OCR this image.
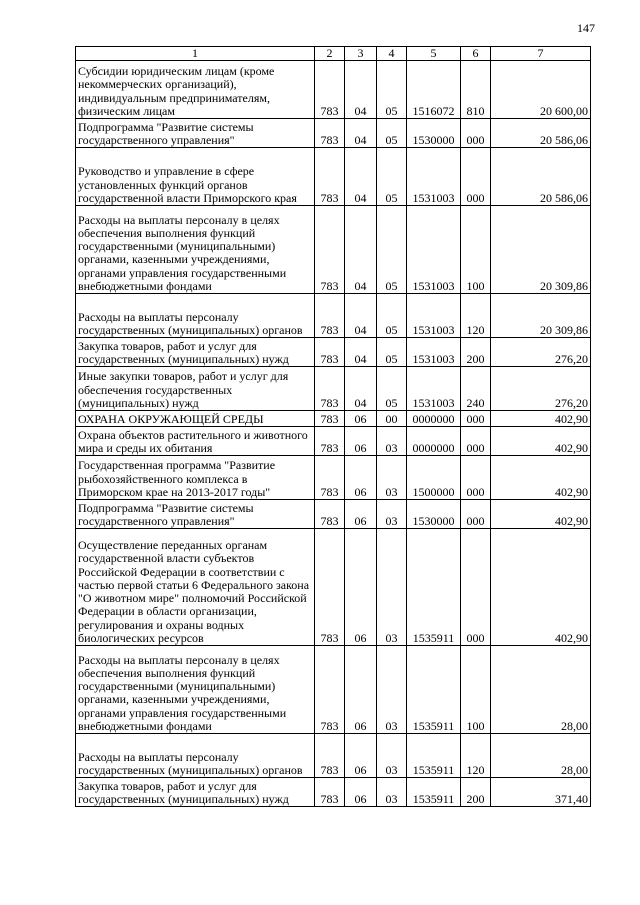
147
1	2	3	4	5	6	7
Субсидии юридическим лицам (кроме некоммерческих организаций), индивидуальным предпринимателям, физическим лицам	783	04	05	1516072	810	20 600,00
Подпрограмма "Развитие системы государственного управления"	783	04	05	1530000	000	20 586,06
Руководство и управление в сфере установленных функций органов государственной власти Приморского края	783	04	05	1531003	000	20 586,06
Расходы на выплаты персоналу в целях обеспечения выполнения функций государственными (муниципальными) органами, казенными учреждениями, органами управления государственными внебюджетными фондами	783	04	05	1531003	100	20 309,86
Расходы на выплаты персоналу государственных (муниципальных) органов	783	04	05	1531003	120	20 309,86
Закупка товаров, работ и услуг для государственных (муниципальных) нужд	783	04	05	1531003	200	276,20
Иные закупки товаров, работ и услуг для обеспечения государственных (муниципальных) нужд	783	04	05	1531003	240	276,20
ОХРАНА ОКРУЖАЮЩЕЙ СРЕДЫ	783	06	00	0000000	000	402,90
Охрана объектов растительного и животного мира и среды их обитания	783	06	03	0000000	000	402,90
Государственная программа "Развитие рыбохозяйственного комплекса в Приморском крае на 2013-2017 годы"	783	06	03	1500000	000	402,90
Подпрограмма "Развитие системы государственного управления"	783	06	03	1530000	000	402,90
Осуществление переданных органам государственной власти субъектов Российской Федерации в соответствии с частью первой статьи 6 Федерального закона "О животном мире" полномочий Российской Федерации в области организации, регулирования и охраны водных биологических ресурсов	783	06	03	1535911	000	402,90
Расходы на выплаты персоналу в целях обеспечения выполнения функций государственными (муниципальными) органами, казенными учреждениями, органами управления государственными внебюджетными фондами	783	06	03	1535911	100	28,00
Расходы на выплаты персоналу государственных (муниципальных) органов	783	06	03	1535911	120	28,00
Закупка товаров, работ и услуг для государственных (муниципальных) нужд	783	06	03	1535911	200	371,40
